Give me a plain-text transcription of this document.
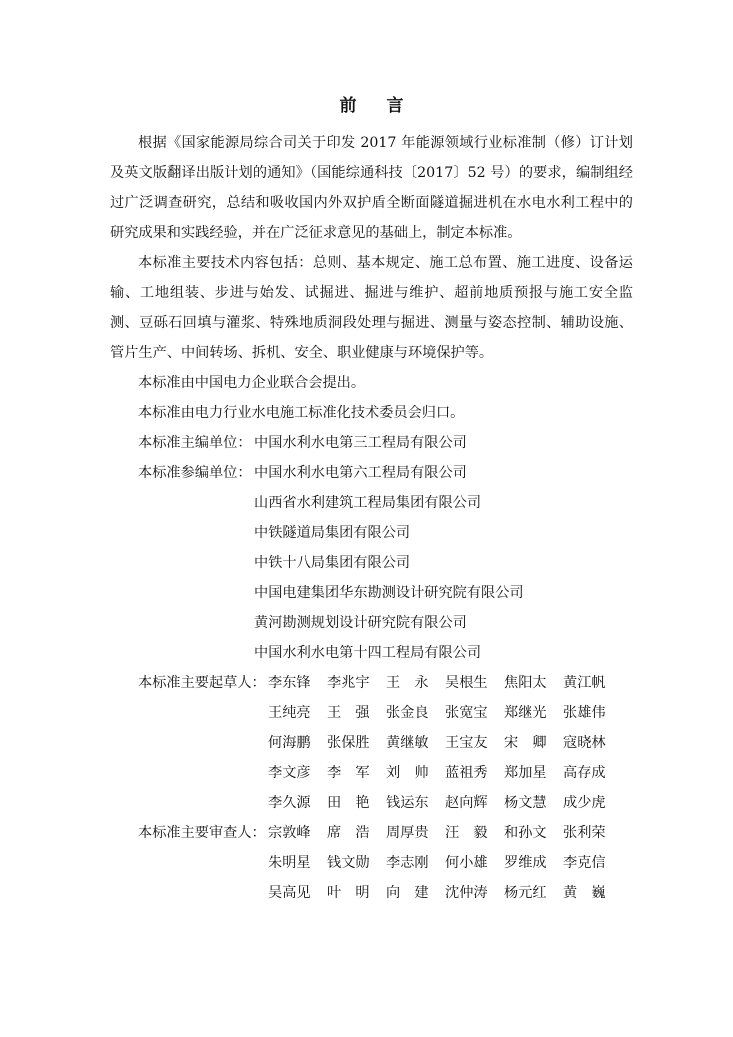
前 言

根据《国家能源局综合司关于印发 2017 年能源领域行业标准制（修）订计划及英文版翻译出版计划的通知》（国能综通科技〔2017〕52 号）的要求，编制组经过广泛调查研究，总结和吸收国内外双护盾全断面隧道掘进机在水电水利工程中的研究成果和实践经验，并在广泛征求意见的基础上，制定本标准。

本标准主要技术内容包括：总则、基本规定、施工总布置、施工进度、设备运输、工地组装、步进与始发、试掘进、掘进与维护、超前地质预报与施工安全监测、豆砾石回填与灌浆、特殊地质洞段处理与掘进、测量与姿态控制、辅助设施、管片生产、中间转场、拆机、安全、职业健康与环境保护等。

本标准由中国电力企业联合会提出。

本标准由电力行业水电施工标准化技术委员会归口。

本标准主编单位： 中国水利水电第三工程局有限公司
本标准参编单位： 中国水利水电第六工程局有限公司
山西省水利建筑工程局集团有限公司
中铁隧道局集团有限公司
中铁十八局集团有限公司
中国电建集团华东勘测设计研究院有限公司
黄河勘测规划设计研究院有限公司
中国水利水电第十四工程局有限公司
本标准主要起草人： 李东锋	李兆宇	王　永	吴根生	焦阳太	黄江帆
王纯亮	王　强	张金良	张宽宝	郑继光	张雄伟
何海鹏	张保胜	黄继敏	王宝友	宋　卿	寇晓林
李文彦	李　军	刘　帅	蓝祖秀	郑加星	高存成
李久源	田　艳	钱运东	赵向辉	杨文慧	成少虎
本标准主要审查人： 宗敦峰	席　浩	周厚贵	汪　毅	和孙文	张利荣
朱明星	钱文勋	李志刚	何小雄	罗维成	李克信
吴高见	叶　明	向　建	沈仲涛	杨元红	黄　巍
